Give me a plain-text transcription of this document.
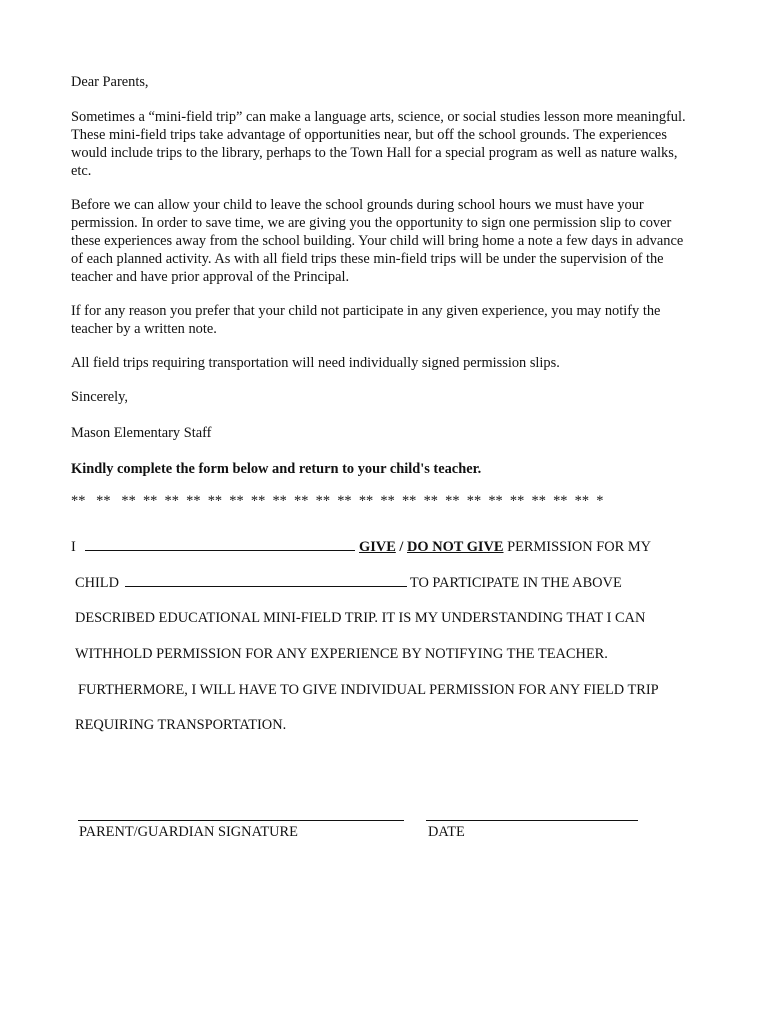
Dear Parents,

Sometimes a “mini-field trip” can make a language arts, science, or social studies lesson more meaningful. These mini-field trips take advantage of opportunities near, but off the school grounds. The experiences would include trips to the library, perhaps to the Town Hall for a special program as well as nature walks, etc.

Before we can allow your child to leave the school grounds during school hours we must have your permission. In order to save time, we are giving you the opportunity to sign one permission slip to cover these experiences away from the school building. Your child will bring home a note a few days in advance of each planned activity. As with all field trips these min-field trips will be under the supervision of the teacher and have prior approval of the Principal.

If for any reason you prefer that your child not participate in any given experience, you may notify the teacher by a written note.

All field trips requiring transportation will need individually signed permission slips.

Sincerely,

Mason Elementary Staff

Kindly complete the form below and return to your child's teacher.

**   **   **  **  **  **  **  **  **  **  **  **  **  **  **  **  **  **  **  **  **  **  **  **  *

I	GIVE / DO NOT GIVE PERMISSION FOR MY
CHILD	TO PARTICIPATE IN THE ABOVE
DESCRIBED EDUCATIONAL MINI-FIELD TRIP. IT IS MY UNDERSTANDING THAT I CAN
WITHHOLD PERMISSION FOR ANY EXPERIENCE BY NOTIFYING THE TEACHER.
FURTHERMORE, I WILL HAVE TO GIVE INDIVIDUAL PERMISSION FOR ANY FIELD TRIP
REQUIRING TRANSPORTATION.
PARENT/GUARDIAN SIGNATURE	DATE
